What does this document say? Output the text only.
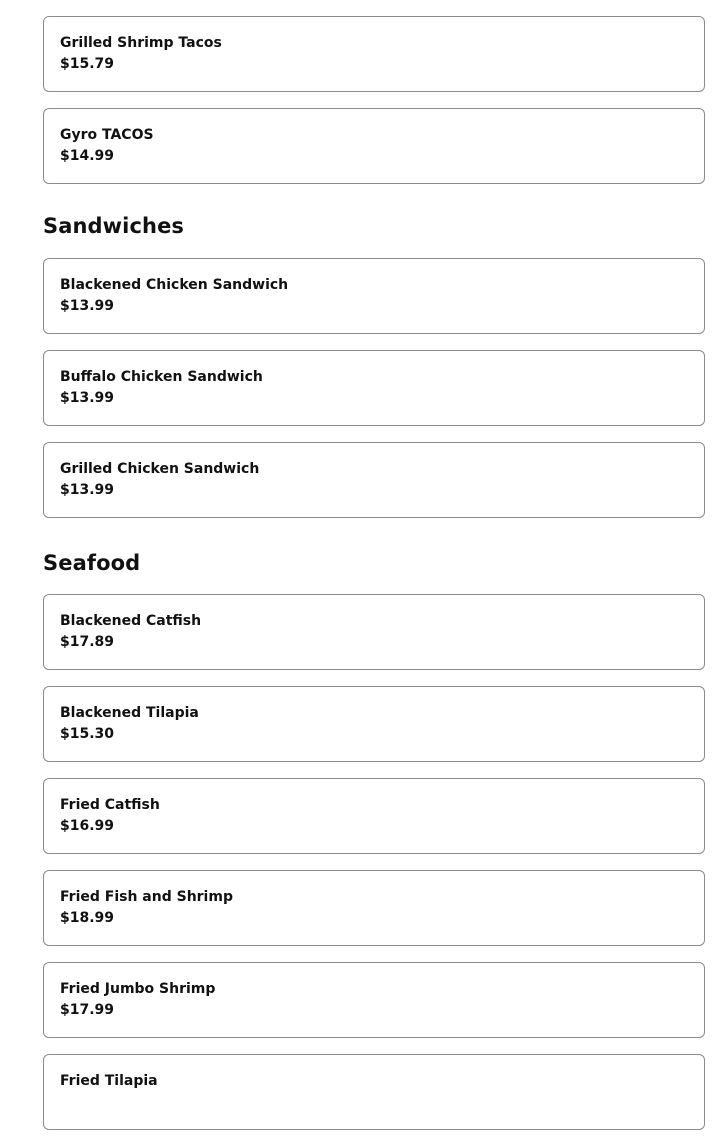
Grilled Shrimp Tacos
$15.79
Gyro TACOS
$14.99
Sandwiches
Blackened Chicken Sandwich
$13.99
Buffalo Chicken Sandwich
$13.99
Grilled Chicken Sandwich
$13.99
Seafood
Blackened Catfish
$17.89
Blackened Tilapia
$15.30
Fried Catfish
$16.99
Fried Fish and Shrimp
$18.99
Fried Jumbo Shrimp
$17.99
Fried Tilapia
